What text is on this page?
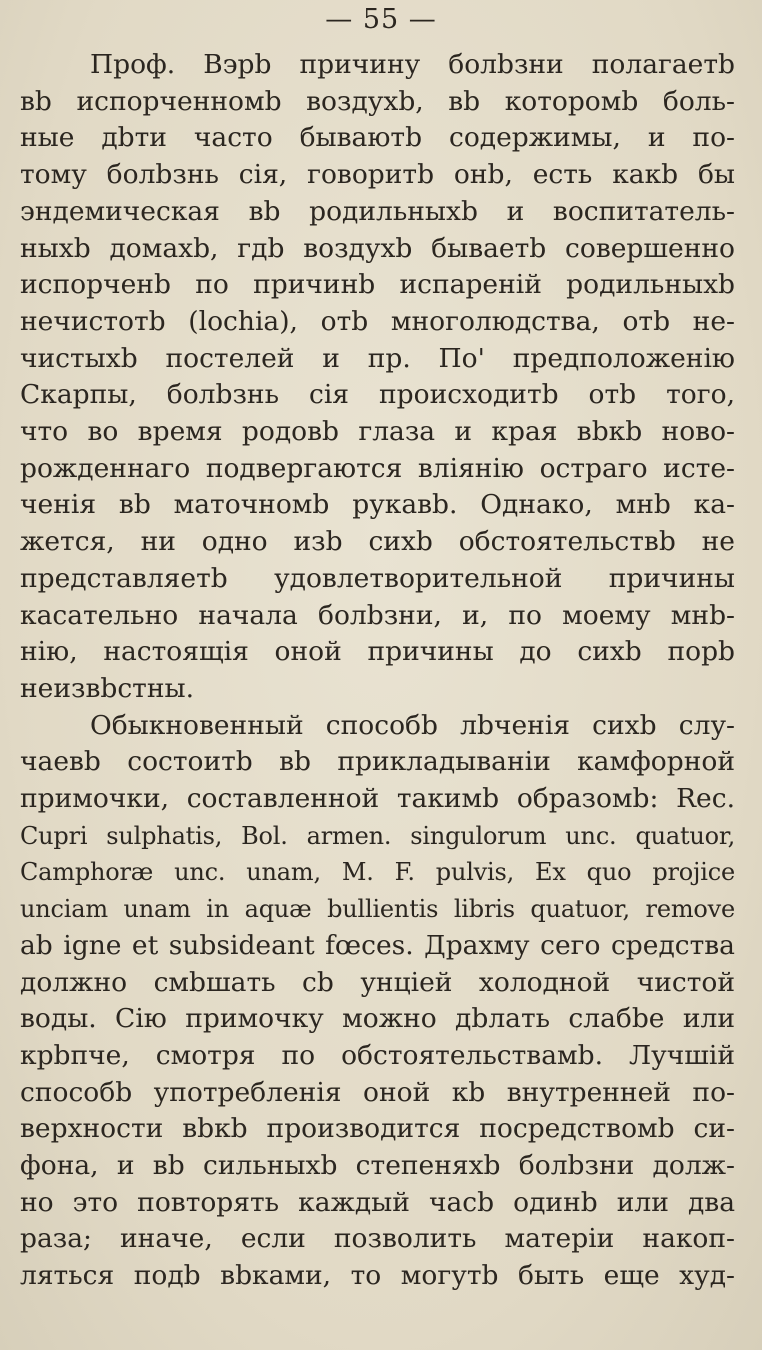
— 55 —
Проф. Вэрb причину болbзни полагаетb
вb испорченномb воздухb, вb которомb боль-
ные дbти часто бываютb содержимы, и по-
тому болbзнь сія, говоритb онb, есть какb бы
эндемическая вb родильныхb и воспитатель-
ныхb домахb, гдb воздухb бываетb совершенно
испорченb по причинb испареній родильныхb
нечистотb (lochia), отb многолюдства, отb не-
чистыхb постелей и пр. По' предположенію
Скарпы, болbзнь сія происходитb отb того,
что во время родовb глаза и края вbкb ново-
рожденнаго подвергаются вліянію остраго исте-
ченія вb маточномb рукавb. Однако, мнb ка-
жется, ни одно изb сихb обстоятельствb не
представляетb удовлетворительной причины
касательно начала болbзни, и, по моему мнb-
нію, настоящія оной причины до сихb порb
неизвbстны.
Обыкновенный способb лbченія сихb слу-
чаевb состоитb вb прикладываніи камфорной
примочки, составленной такимb образомb: Rec.
Cupri sulphatis, Bol. armen. singulorum unc. quatuor,
Camphoræ unc. unam, M. F. pulvis, Ex quo projice
unciam unam in aquæ bullientis libris quatuor, remove
ab igne et subsideant fœces. Драхму сего средства
должно смbшать сb унціей холодной чистой
воды. Сію примочку можно дbлать слабbе или
крbпче, смотря по обстоятельствамb. Лучшій
способb употребленія оной кb внутренней по-
верхности вbкb производится посредствомb си-
фона, и вb сильныхb степеняхb болbзни долж-
но это повторять каждый часb одинb или два
раза; иначе, если позволить матеріи накоп-
ляться подb вbками, то могутb быть еще худ-
